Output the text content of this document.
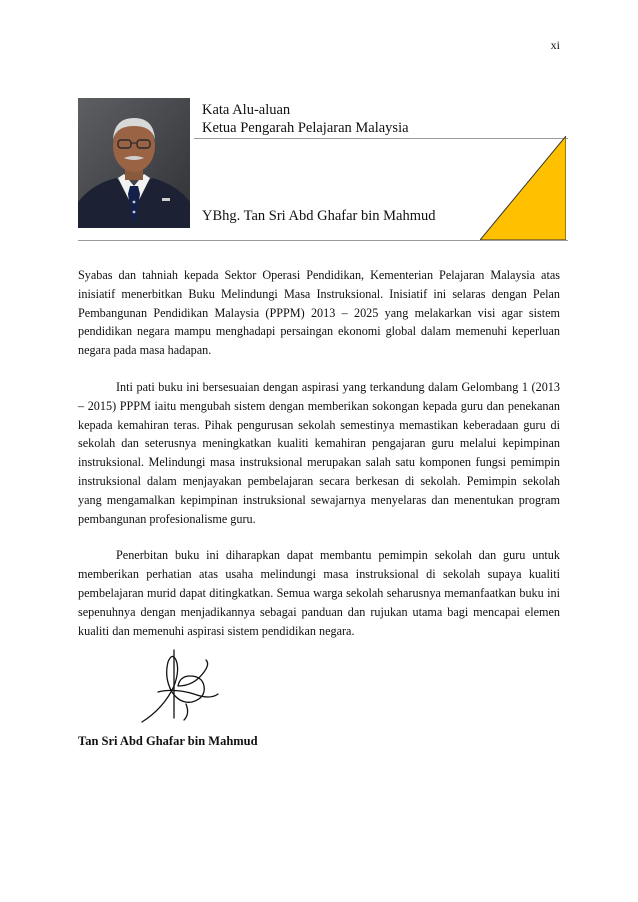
xi
Kata Alu-aluan
Ketua Pengarah Pelajaran Malaysia
YBhg. Tan Sri Abd Ghafar bin Mahmud

Syabas dan tahniah kepada Sektor Operasi Pendidikan, Kementerian Pelajaran Malaysia atas inisiatif menerbitkan Buku Melindungi Masa Instruksional. Inisiatif ini selaras dengan Pelan Pembangunan Pendidikan Malaysia (PPPM) 2013 – 2025 yang melakarkan visi agar sistem pendidikan negara mampu menghadapi persaingan ekonomi global dalam memenuhi keperluan negara pada masa hadapan.

Inti pati buku ini bersesuaian dengan aspirasi yang terkandung dalam Gelombang 1 (2013 – 2015) PPPM iaitu mengubah sistem dengan memberikan sokongan kepada guru dan penekanan kepada kemahiran teras. Pihak pengurusan sekolah semestinya memastikan keberadaan guru di sekolah dan seterusnya meningkatkan kualiti kemahiran pengajaran guru melalui kepimpinan instruksional. Melindungi masa instruksional merupakan salah satu komponen fungsi pemimpin instruksional dalam menjayakan pembelajaran secara berkesan di sekolah. Pemimpin sekolah yang mengamalkan kepimpinan instruksional sewajarnya menyelaras dan menentukan program pembangunan profesionalisme guru.

Penerbitan buku ini diharapkan dapat membantu pemimpin sekolah dan guru untuk memberikan perhatian atas usaha melindungi masa instruksional di sekolah supaya kualiti pembelajaran murid dapat ditingkatkan. Semua warga sekolah seharusnya memanfaatkan buku ini sepenuhnya dengan menjadikannya sebagai panduan dan rujukan utama bagi mencapai elemen kualiti dan memenuhi aspirasi sistem pendidikan negara.

Tan Sri Abd Ghafar bin Mahmud
